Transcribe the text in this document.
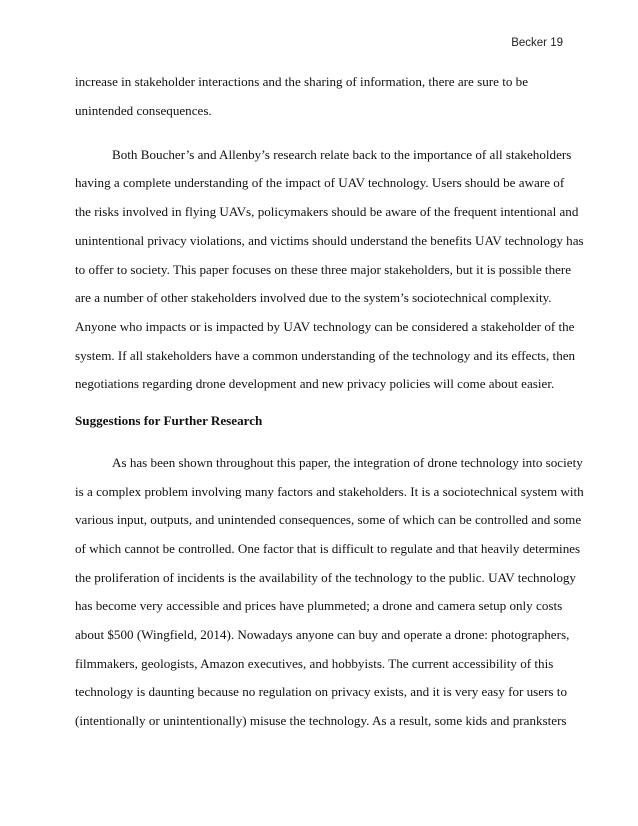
Becker 19

increase in stakeholder interactions and the sharing of information, there are sure to be

unintended consequences.

Both Boucher’s and Allenby’s research relate back to the importance of all stakeholders

having a complete understanding of the impact of UAV technology. Users should be aware of

the risks involved in flying UAVs, policymakers should be aware of the frequent intentional and

unintentional privacy violations, and victims should understand the benefits UAV technology has

to offer to society. This paper focuses on these three major stakeholders, but it is possible there

are a number of other stakeholders involved due to the system’s sociotechnical complexity.

Anyone who impacts or is impacted by UAV technology can be considered a stakeholder of the

system. If all stakeholders have a common understanding of the technology and its effects, then

negotiations regarding drone development and new privacy policies will come about easier.

Suggestions for Further Research

As has been shown throughout this paper, the integration of drone technology into society

is a complex problem involving many factors and stakeholders. It is a sociotechnical system with

various input, outputs, and unintended consequences, some of which can be controlled and some

of which cannot be controlled. One factor that is difficult to regulate and that heavily determines

the proliferation of incidents is the availability of the technology to the public. UAV technology

has become very accessible and prices have plummeted; a drone and camera setup only costs

about $500 (Wingfield, 2014). Nowadays anyone can buy and operate a drone: photographers,

filmmakers, geologists, Amazon executives, and hobbyists. The current accessibility of this

technology is daunting because no regulation on privacy exists, and it is very easy for users to

(intentionally or unintentionally) misuse the technology. As a result, some kids and pranksters
